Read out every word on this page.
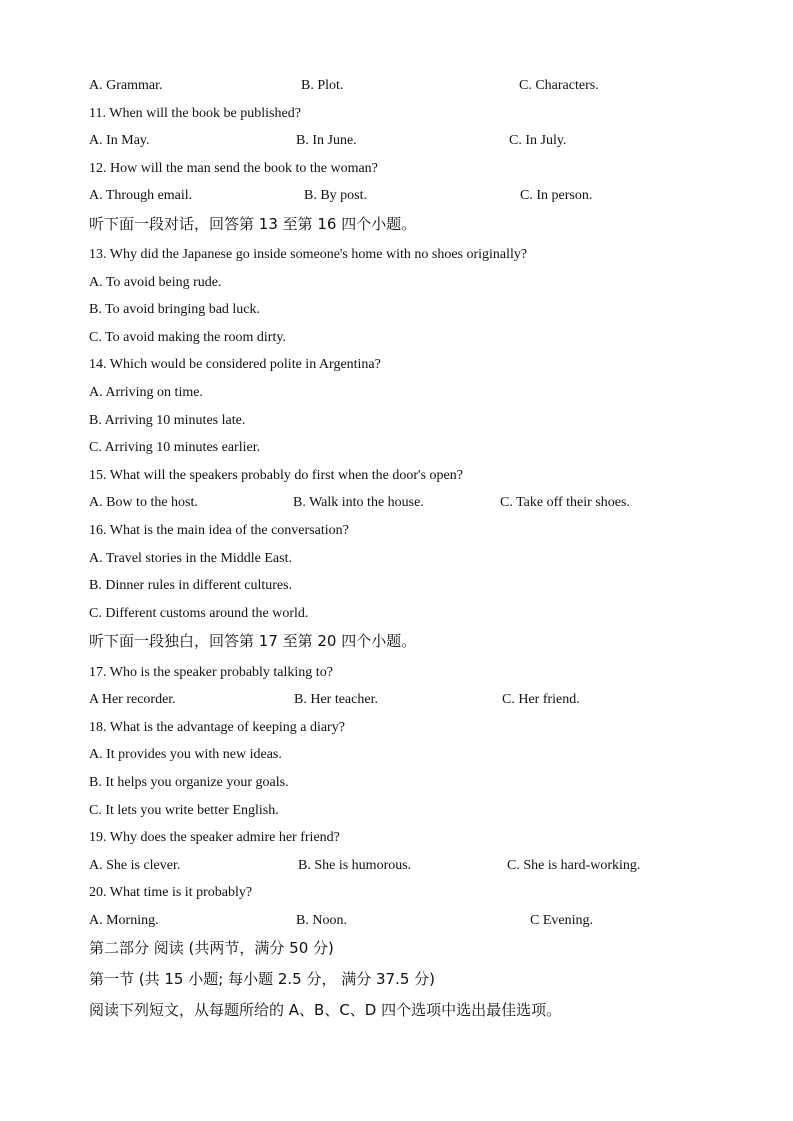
A. Grammar.	B. Plot.	C. Characters.
11. When will the book be published?
A. In May.	B. In June.	C. In July.
12. How will the man send the book to the woman?
A. Through email.	B. By post.	C. In person.
听下面一段对话，回答第 13 至第 16 四个小题。
13. Why did the Japanese go inside someone's home with no shoes originally?
A. To avoid being rude.
B. To avoid bringing bad luck.
C. To avoid making the room dirty.
14. Which would be considered polite in Argentina?
A. Arriving on time.
B. Arriving 10 minutes late.
C. Arriving 10 minutes earlier.
15. What will the speakers probably do first when the door's open?
A. Bow to the host.	B. Walk into the house.	C. Take off their shoes.
16. What is the main idea of the conversation?
A. Travel stories in the Middle East.
B. Dinner rules in different cultures.
C. Different customs around the world.
听下面一段独白，回答第 17 至第 20 四个小题。
17. Who is the speaker probably talking to?
A Her recorder.	B. Her teacher.	C. Her friend.
18. What is the advantage of keeping a diary?
A. It provides you with new ideas.
B. It helps you organize your goals.
C. It lets you write better English.
19. Why does the speaker admire her friend?
A. She is clever.	B. She is humorous.	C. She is hard-working.
20. What time is it probably?
A. Morning.	B. Noon.	C Evening.
第二部分 阅读 (共两节，满分 50 分)
第一节 (共 15 小题; 每小题 2.5 分， 满分 37.5 分)
阅读下列短文，从每题所给的 A、B、C、D 四个选项中选出最佳选项。
